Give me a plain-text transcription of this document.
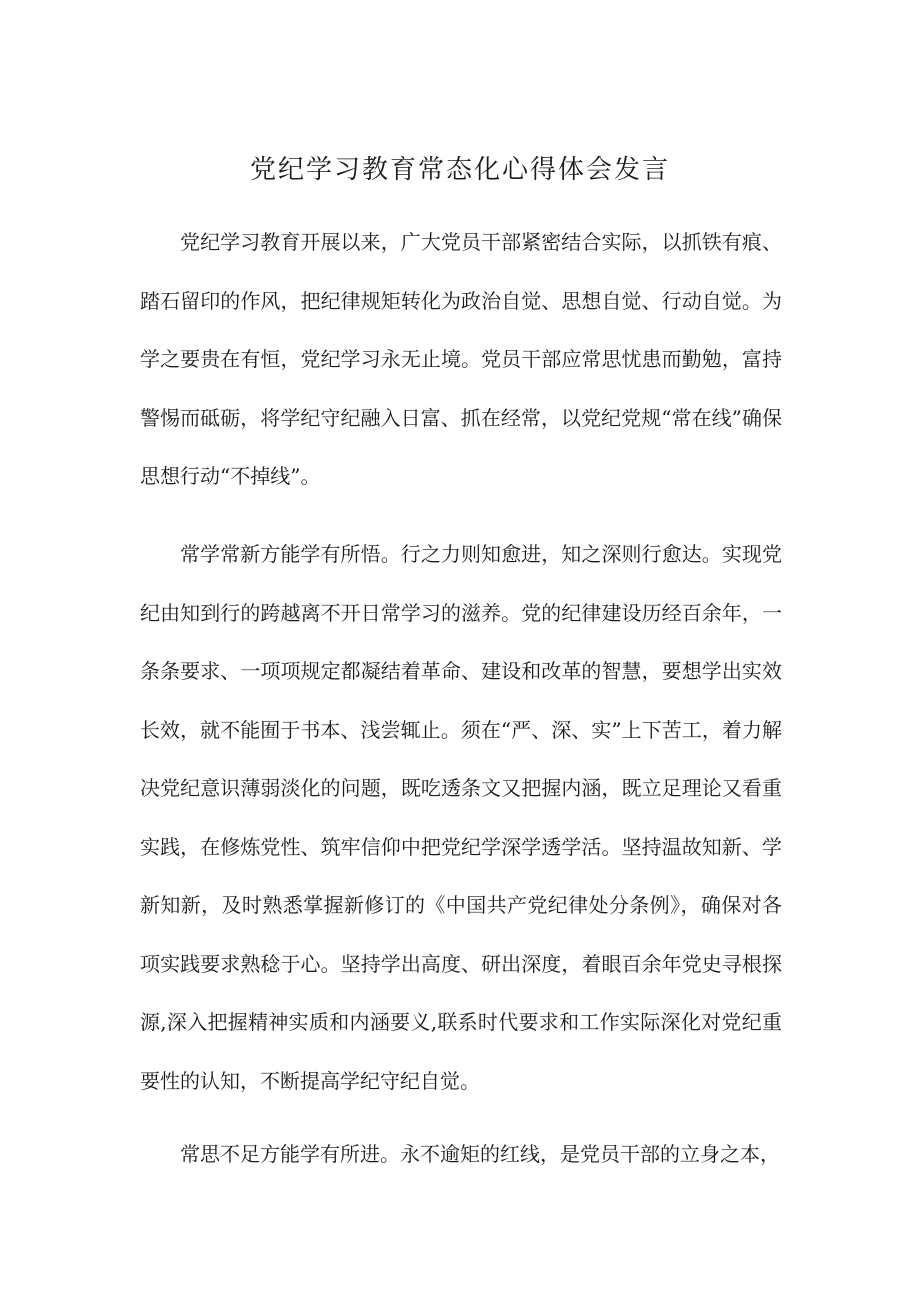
党纪学习教育常态化心得体会发言

党纪学习教育开展以来，广大党员干部紧密结合实际，以抓铁有痕、踏石留印的作风，把纪律规矩转化为政治自觉、思想自觉、行动自觉。为学之要贵在有恒，党纪学习永无止境。党员干部应常思忧患而勤勉，富持警惕而砥砺，将学纪守纪融入日富、抓在经常，以党纪党规“常在线”确保思想行动“不掉线”。

常学常新方能学有所悟。行之力则知愈进，知之深则行愈达。实现党纪由知到行的跨越离不开日常学习的滋养。党的纪律建设历经百余年，一条条要求、一项项规定都凝结着革命、建设和改革的智慧，要想学出实效长效，就不能囿于书本、浅尝辄止。须在“严、深、实”上下苦工，着力解决党纪意识薄弱淡化的问题，既吃透条文又把握内涵，既立足理论又看重实践，在修炼党性、筑牢信仰中把党纪学深学透学活。坚持温故知新、学新知新，及时熟悉掌握新修订的《中国共产党纪律处分条例》，确保对各项实践要求熟稔于心。坚持学出高度、研出深度，着眼百余年党史寻根探源,深入把握精神实质和内涵要义,联系时代要求和工作实际深化对党纪重要性的认知，不断提高学纪守纪自觉。

常思不足方能学有所进。永不逾矩的红线，是党员干部的立身之本，
